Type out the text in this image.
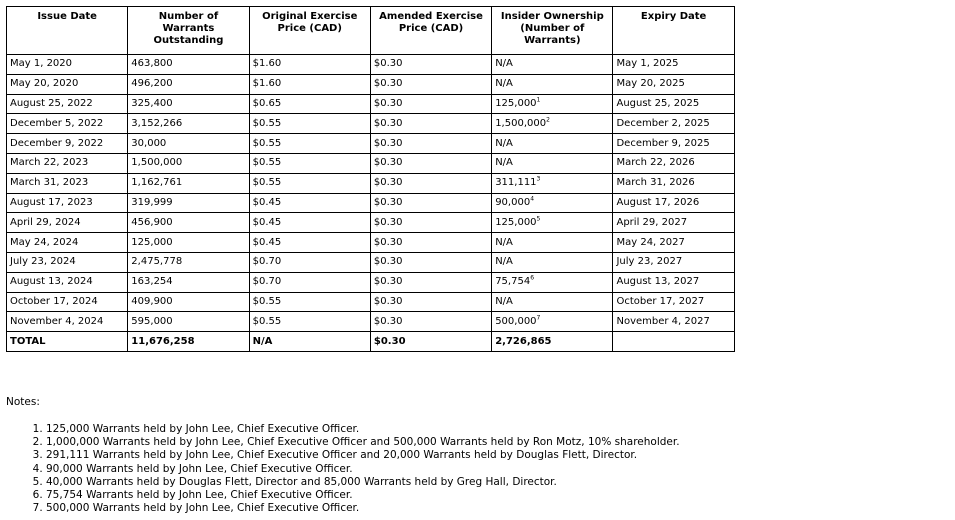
Issue Date	Number of Warrants Outstanding	Original Exercise Price (CAD)	Amended Exercise Price (CAD)	Insider Ownership (Number of Warrants)	Expiry Date
May 1, 2020	463,800	$1.60	$0.30	N/A	May 1, 2025
May 20, 2020	496,200	$1.60	$0.30	N/A	May 20, 2025
August 25, 2022	325,400	$0.65	$0.30	125,000$^1$	August 25, 2025
December 5, 2022	3,152,266	$0.55	$0.30	1,500,000$^2$	December 2, 2025
December 9, 2022	30,000	$0.55	$0.30	N/A	December 9, 2025
March 22, 2023	1,500,000	$0.55	$0.30	N/A	March 22, 2026
March 31, 2023	1,162,761	$0.55	$0.30	311,111$^3$	March 31, 2026
August 17, 2023	319,999	$0.45	$0.30	90,000$^4$	August 17, 2026
April 29, 2024	456,900	$0.45	$0.30	125,000$^5$	April 29, 2027
May 24, 2024	125,000	$0.45	$0.30	N/A	May 24, 2027
July 23, 2024	2,475,778	$0.70	$0.30	N/A	July 23, 2027
August 13, 2024	163,254	$0.70	$0.30	75,754$^6$	August 13, 2027
October 17, 2024	409,900	$0.55	$0.30	N/A	October 17, 2027
November 4, 2024	595,000	$0.55	$0.30	500,000$^7$	November 4, 2027
TOTAL	11,676,258	N/A	$0.30	2,726,865	
Notes:
1. 125,000 Warrants held by John Lee, Chief Executive Officer.
2. 1,000,000 Warrants held by John Lee, Chief Executive Officer and 500,000 Warrants held by Ron Motz, 10% shareholder.
3. 291,111 Warrants held by John Lee, Chief Executive Officer and 20,000 Warrants held by Douglas Flett, Director.
4. 90,000 Warrants held by John Lee, Chief Executive Officer.
5. 40,000 Warrants held by Douglas Flett, Director and 85,000 Warrants held by Greg Hall, Director.
6. 75,754 Warrants held by John Lee, Chief Executive Officer.
7. 500,000 Warrants held by John Lee, Chief Executive Officer.
